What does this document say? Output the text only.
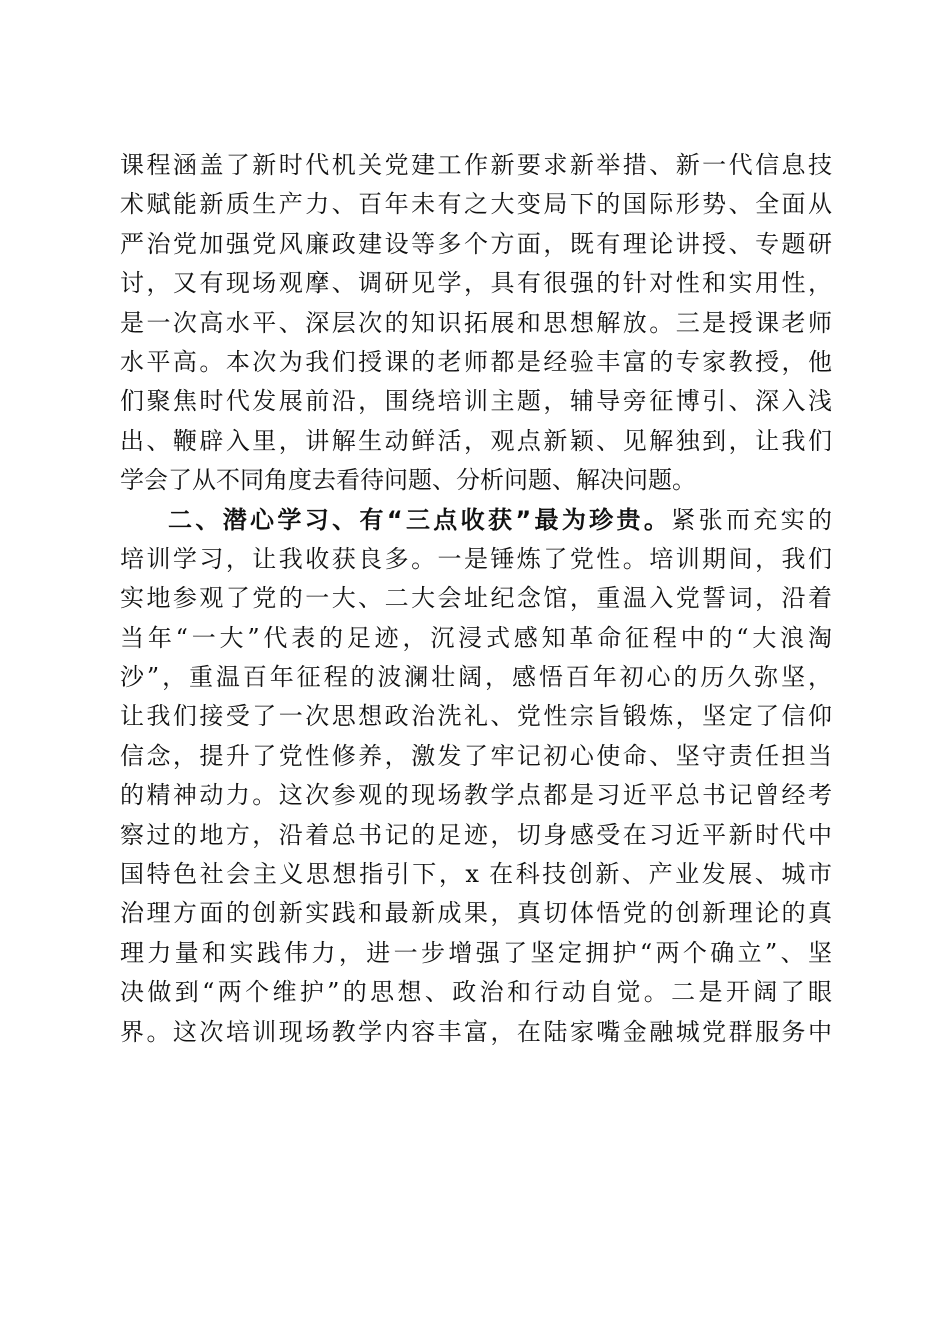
课程涵盖了新时代机关党建工作新要求新举措、新一代信息技
术赋能新质生产力、百年未有之大变局下的国际形势、全面从
严治党加强党风廉政建设等多个方面，既有理论讲授、专题研
讨，又有现场观摩、调研见学，具有很强的针对性和实用性，
是一次高水平、深层次的知识拓展和思想解放。三是授课老师
水平高。本次为我们授课的老师都是经验丰富的专家教授，他
们聚焦时代发展前沿，围绕培训主题，辅导旁征博引、深入浅
出、鞭辟入里，讲解生动鲜活，观点新颖、见解独到，让我们
学会了从不同角度去看待问题、分析问题、解决问题。
二、潜心学习、有“三点收获”最为珍贵。紧张而充实的
培训学习，让我收获良多。一是锤炼了党性。培训期间，我们
实地参观了党的一大、二大会址纪念馆，重温入党誓词，沿着
当年“一大”代表的足迹，沉浸式感知革命征程中的“大浪淘
沙”，重温百年征程的波澜壮阔，感悟百年初心的历久弥坚，
让我们接受了一次思想政治洗礼、党性宗旨锻炼，坚定了信仰
信念，提升了党性修养，激发了牢记初心使命、坚守责任担当
的精神动力。这次参观的现场教学点都是习近平总书记曾经考
察过的地方，沿着总书记的足迹，切身感受在习近平新时代中
国特色社会主义思想指引下，x 在科技创新、产业发展、城市
治理方面的创新实践和最新成果，真切体悟党的创新理论的真
理力量和实践伟力，进一步增强了坚定拥护“两个确立”、坚
决做到“两个维护”的思想、政治和行动自觉。二是开阔了眼
界。这次培训现场教学内容丰富，在陆家嘴金融城党群服务中
